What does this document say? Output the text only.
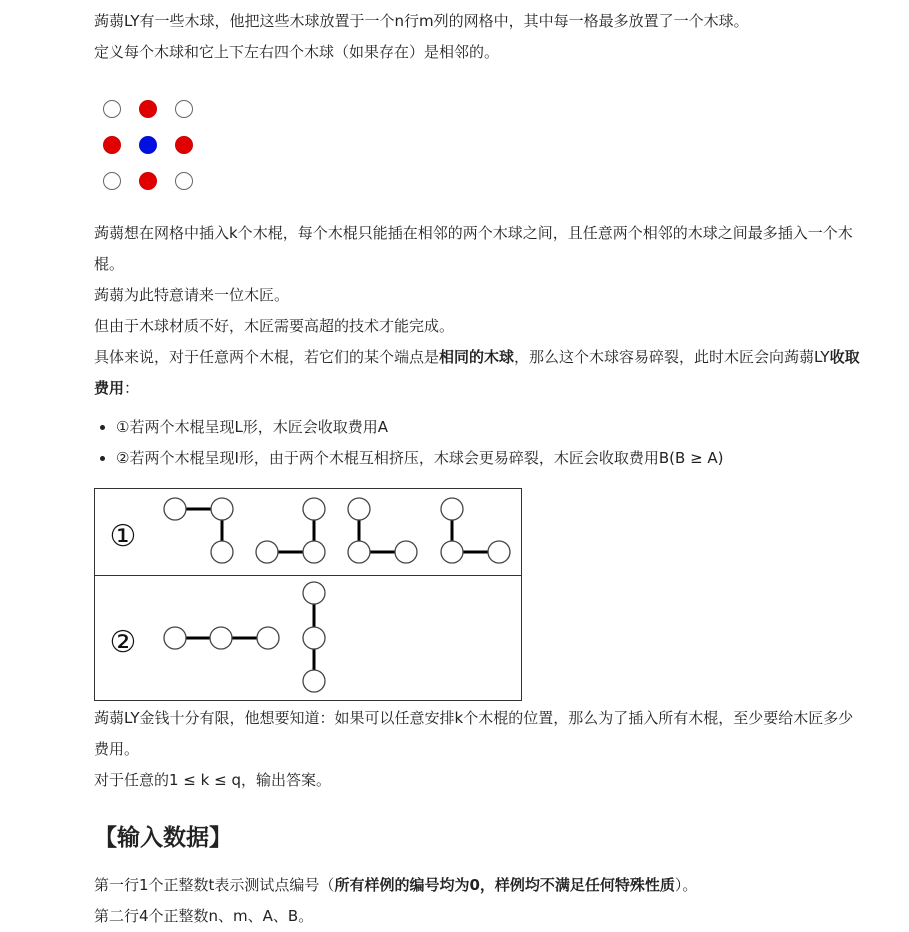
蒟蒻LY有一些木球，他把这些木球放置于一个n行m列的网格中，其中每一格最多放置了一个木球。

定义每个木球和它上下左右四个木球（如果存在）是相邻的。

蒟蒻想在网格中插入k个木棍，每个木棍只能插在相邻的两个木球之间，且任意两个相邻的木球之间最多插入一个木棍。

蒟蒻为此特意请来一位木匠。

但由于木球材质不好，木匠需要高超的技术才能完成。

具体来说，对于任意两个木棍，若它们的某个端点是相同的木球，那么这个木球容易碎裂，此时木匠会向蒟蒻LY收取费用：

• ①若两个木棍呈现L形，木匠会收取费用A
• ②若两个木棍呈现I形，由于两个木棍互相挤压，木球会更易碎裂，木匠会收取费用B(B ≥ A)
①
②

蒟蒻LY金钱十分有限，他想要知道：如果可以任意安排k个木棍的位置，那么为了插入所有木棍，至少要给木匠多少费用。

对于任意的1 ≤ k ≤ q，输出答案。

【输入数据】

第一行1个正整数t表示测试点编号（所有样例的编号均为0，样例均不满足任何特殊性质）。

第二行4个正整数n、m、A、B。
